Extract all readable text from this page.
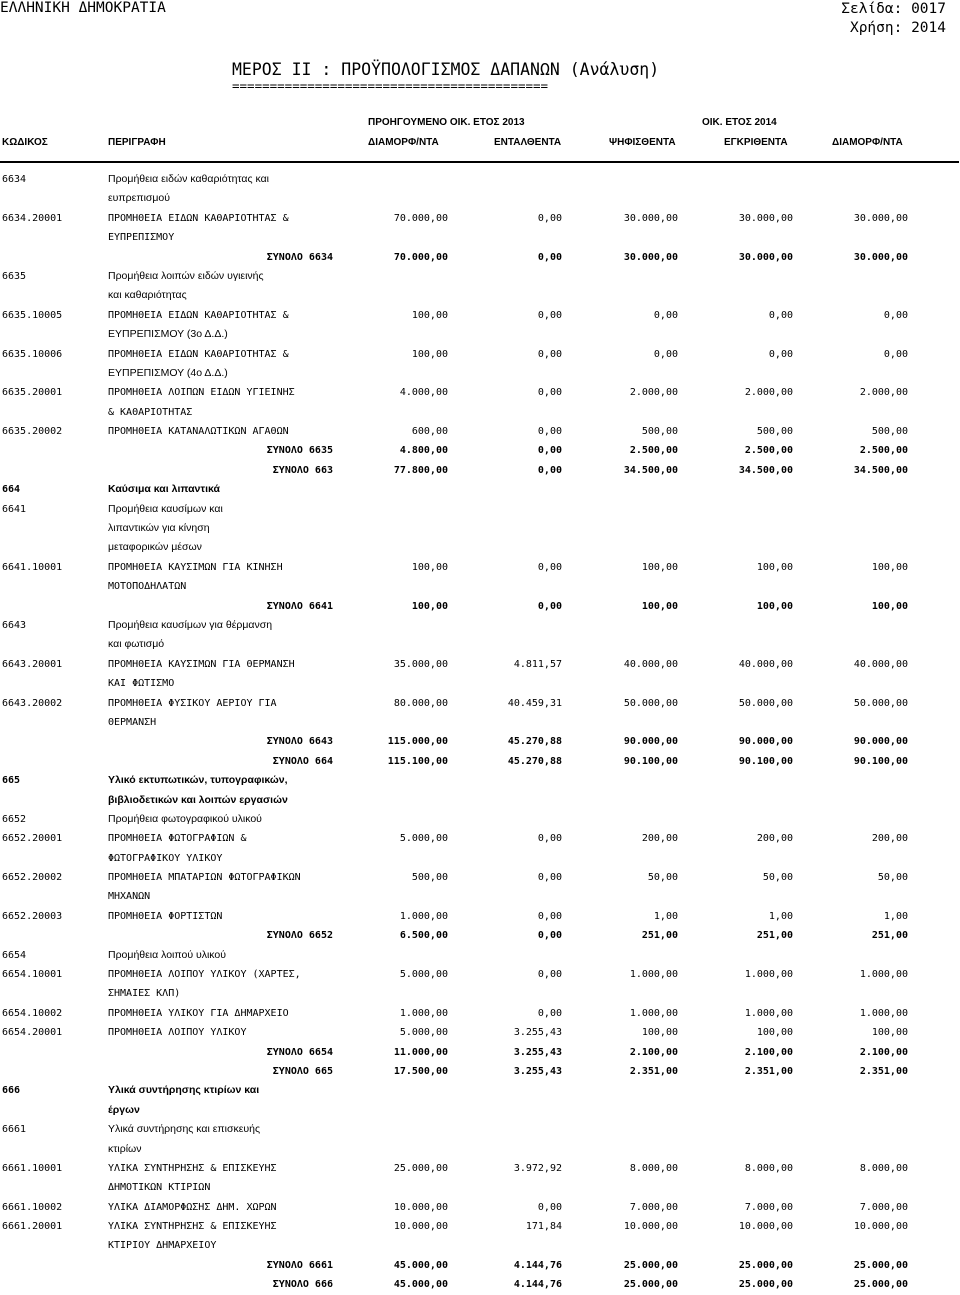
ΕΛΛΗΝΙΚΗ ΔΗΜΟΚΡΑΤΙΑ	Σελίδα: 0017
Χρήση: 2014
ΜΕΡΟΣ ΙΙ : ΠΡΟΫΠΟΛΟΓΙΣΜΟΣ ΔΑΠΑΝΩΝ (Ανάλυση)
==========================================
ΠΡΟΗΓΟΥΜΕΝΟ ΟΙΚ. ΕΤΟΣ 2013	ΟΙΚ. ΕΤΟΣ 2014
ΚΩΔΙΚΟΣ	ΠΕΡΙΓΡΑΦΗ	ΔΙΑΜΟΡΦ/ΝΤΑ	ΕΝΤΑΛΘΕΝΤΑ	ΨΗΦΙΣΘΕΝΤΑ	ΕΓΚΡΙΘΕΝΤΑ	ΔΙΑΜΟΡΦ/ΝΤΑ
6634	Προμήθεια ειδών καθαριότητας και
ευπρεπισμού
6634.20001	ΠΡΟΜΗΘΕΙΑ ΕΙΔΩΝ ΚΑΘΑΡΙΟΤΗΤΑΣ &	70.000,00	0,00	30.000,00	30.000,00	30.000,00
ΕΥΠΡΕΠΙΣΜΟΥ
ΣΥΝΟΛΟ 6634	70.000,00	0,00	30.000,00	30.000,00	30.000,00
6635	Προμήθεια λοιπών ειδών υγιεινής
και καθαριότητας
6635.10005	ΠΡΟΜΗΘΕΙΑ ΕΙΔΩΝ ΚΑΘΑΡΙΟΤΗΤΑΣ &	100,00	0,00	0,00	0,00	0,00
ΕΥΠΡΕΠΙΣΜΟΥ (3ο Δ.Δ.)
6635.10006	ΠΡΟΜΗΘΕΙΑ ΕΙΔΩΝ ΚΑΘΑΡΙΟΤΗΤΑΣ &	100,00	0,00	0,00	0,00	0,00
ΕΥΠΡΕΠΙΣΜΟΥ (4ο Δ.Δ.)
6635.20001	ΠΡΟΜΗΘΕΙΑ ΛΟΙΠΩΝ ΕΙΔΩΝ ΥΓΙΕΙΝΗΣ	4.000,00	0,00	2.000,00	2.000,00	2.000,00
& ΚΑΘΑΡΙΟΤΗΤΑΣ
6635.20002	ΠΡΟΜΗΘΕΙΑ ΚΑΤΑΝΑΛΩΤΙΚΩΝ ΑΓΑΘΩΝ	600,00	0,00	500,00	500,00	500,00
ΣΥΝΟΛΟ 6635	4.800,00	0,00	2.500,00	2.500,00	2.500,00
ΣΥΝΟΛΟ 663	77.800,00	0,00	34.500,00	34.500,00	34.500,00
664	Καύσιμα και λιπαντικά
6641	Προμήθεια καυσίμων και
λιπαντικών για κίνηση
μεταφορικών μέσων
6641.10001	ΠΡΟΜΗΘΕΙΑ ΚΑΥΣΙΜΩΝ ΓΙΑ ΚΙΝΗΣΗ	100,00	0,00	100,00	100,00	100,00
ΜΟΤΟΠΟΔΗΛΑΤΩΝ
ΣΥΝΟΛΟ 6641	100,00	0,00	100,00	100,00	100,00
6643	Προμήθεια καυσίμων για θέρμανση
και φωτισμό
6643.20001	ΠΡΟΜΗΘΕΙΑ ΚΑΥΣΙΜΩΝ ΓΙΑ ΘΕΡΜΑΝΣΗ	35.000,00	4.811,57	40.000,00	40.000,00	40.000,00
ΚΑΙ ΦΩΤΙΣΜΟ
6643.20002	ΠΡΟΜΗΘΕΙΑ ΦΥΣΙΚΟΥ ΑΕΡΙΟΥ ΓΙΑ	80.000,00	40.459,31	50.000,00	50.000,00	50.000,00
ΘΕΡΜΑΝΣΗ
ΣΥΝΟΛΟ 6643	115.000,00	45.270,88	90.000,00	90.000,00	90.000,00
ΣΥΝΟΛΟ 664	115.100,00	45.270,88	90.100,00	90.100,00	90.100,00
665	Υλικό εκτυπωτικών, τυπογραφικών,
βιβλιοδετικών και λοιπών εργασιών
6652	Προμήθεια φωτογραφικού υλικού
6652.20001	ΠΡΟΜΗΘΕΙΑ ΦΩΤΟΓΡΑΦΙΩΝ &	5.000,00	0,00	200,00	200,00	200,00
ΦΩΤΟΓΡΑΦΙΚΟΥ ΥΛΙΚΟΥ
6652.20002	ΠΡΟΜΗΘΕΙΑ ΜΠΑΤΑΡΙΩΝ ΦΩΤΟΓΡΑΦΙΚΩΝ	500,00	0,00	50,00	50,00	50,00
ΜΗΧΑΝΩΝ
6652.20003	ΠΡΟΜΗΘΕΙΑ ΦΟΡΤΙΣΤΩΝ	1.000,00	0,00	1,00	1,00	1,00
ΣΥΝΟΛΟ 6652	6.500,00	0,00	251,00	251,00	251,00
6654	Προμήθεια λοιπού υλικού
6654.10001	ΠΡΟΜΗΘΕΙΑ ΛΟΙΠΟΥ ΥΛΙΚΟΥ (ΧΑΡΤΕΣ,	5.000,00	0,00	1.000,00	1.000,00	1.000,00
ΣΗΜΑΙΕΣ ΚΛΠ)
6654.10002	ΠΡΟΜΗΘΕΙΑ ΥΛΙΚΟΥ ΓΙΑ ΔΗΜΑΡΧΕΙΟ	1.000,00	0,00	1.000,00	1.000,00	1.000,00
6654.20001	ΠΡΟΜΗΘΕΙΑ ΛΟΙΠΟΥ ΥΛΙΚΟΥ	5.000,00	3.255,43	100,00	100,00	100,00
ΣΥΝΟΛΟ 6654	11.000,00	3.255,43	2.100,00	2.100,00	2.100,00
ΣΥΝΟΛΟ 665	17.500,00	3.255,43	2.351,00	2.351,00	2.351,00
666	Υλικά συντήρησης κτιρίων και
έργων
6661	Υλικά συντήρησης και επισκευής
κτιρίων
6661.10001	ΥΛΙΚΑ ΣΥΝΤΗΡΗΣΗΣ & ΕΠΙΣΚΕΥΗΣ	25.000,00	3.972,92	8.000,00	8.000,00	8.000,00
ΔΗΜΟΤΙΚΩΝ ΚΤΙΡΙΩΝ
6661.10002	ΥΛΙΚΑ ΔΙΑΜΟΡΦΩΣΗΣ ΔΗΜ. ΧΩΡΩΝ	10.000,00	0,00	7.000,00	7.000,00	7.000,00
6661.20001	ΥΛΙΚΑ ΣΥΝΤΗΡΗΣΗΣ & ΕΠΙΣΚΕΥΗΣ	10.000,00	171,84	10.000,00	10.000,00	10.000,00
ΚΤΙΡΙΟΥ ΔΗΜΑΡΧΕΙΟΥ
ΣΥΝΟΛΟ 6661	45.000,00	4.144,76	25.000,00	25.000,00	25.000,00
ΣΥΝΟΛΟ 666	45.000,00	4.144,76	25.000,00	25.000,00	25.000,00
